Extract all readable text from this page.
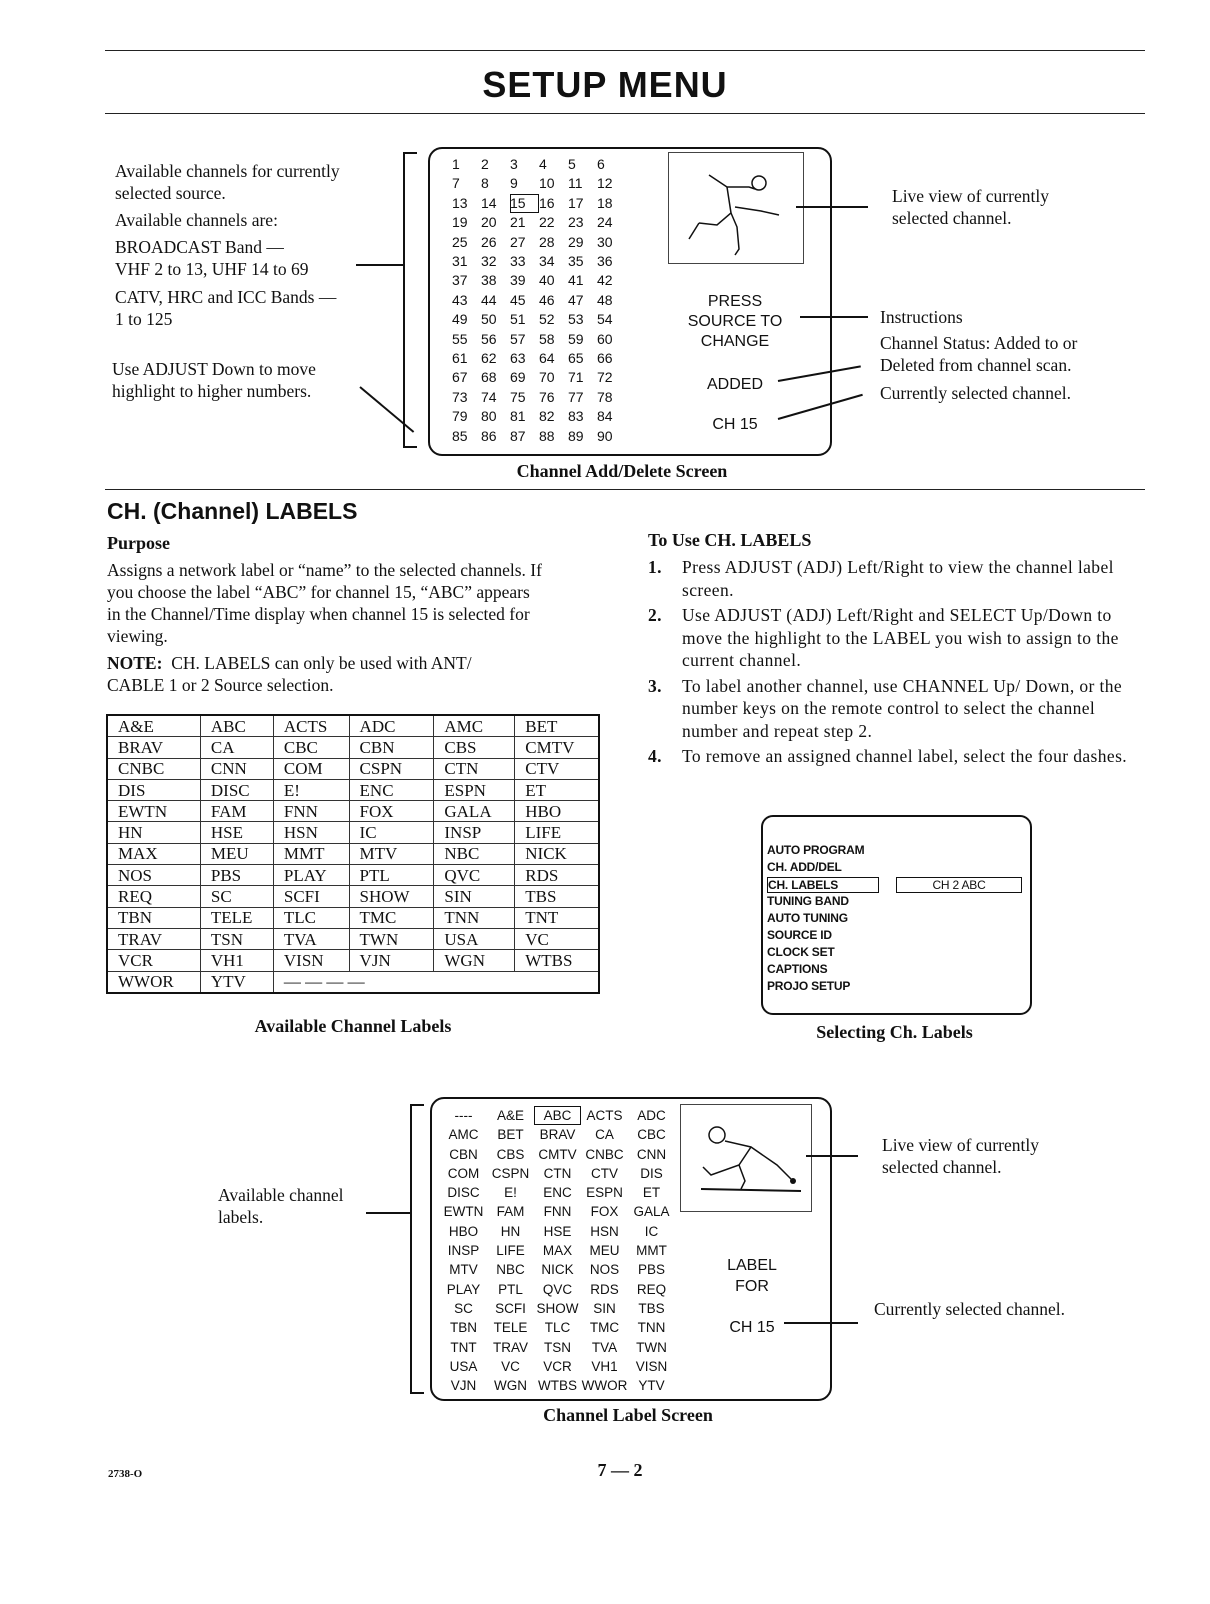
SETUP MENU

Available channels for currently

selected source.

Available channels are:

BROADCAST Band —

VHF 2 to 13, UHF 14 to 69

CATV, HRC and ICC Bands —

1 to 125

Use ADJUST Down to move

highlight to higher numbers.

1	2	3	4	5	6
7	8	9	10 11	12
13 14 15 16 17 18
19 20 21 22 23 24
25 26 27 28 29 30
31 32 33 34 35 36
37 38 39 40 41 42
43 44 45 46 47 48
49 50 51 52 53 54
55 56 57 58 59 60
61 62 63 64 65 66
67 68 69 70 71 72
73 74 75 76 77 78
79 80 81 82 83 84
85 86 87 88 89 90
PRESS
SOURCE TO
CHANGE
ADDED
CH 15

Live view of currently

selected channel.

Instructions

Channel Status: Added to or

Deleted from channel scan.

Currently selected channel.

Channel Add/Delete Screen
CH. (Channel) LABELS

Purpose

Assigns a network label or “name” to the selected channels. If

you choose the label “ABC” for channel 15, “ABC” appears

in the Channel/Time display when channel 15 is selected for

viewing.

NOTE: CH. LABELS can only be used with ANT/

CABLE 1 or 2 Source selection.

A&E	ABC	ACTS	ADC	AMC	BET
BRAV	CA	CBC	CBN	CBS	CMTV
CNBC	CNN	COM	CSPN	CTN	CTV
DIS	DISC	E!	ENC	ESPN	ET
EWTN	FAM	FNN	FOX	GALA	HBO
HN	HSE	HSN	IC	INSP	LIFE
MAX	MEU	MMT	MTV	NBC	NICK
NOS	PBS	PLAY	PTL	QVC	RDS
REQ	SC	SCFI	SHOW	SIN	TBS
TBN	TELE	TLC	TMC	TNN	TNT
TRAV	TSN	TVA	TWN	USA	VC
VCR	VH1	VISN	VJN	WGN	WTBS
WWOR	YTV	— — — —			
Available Channel Labels

To Use CH. LABELS

1. Press ADJUST (ADJ) Left/Right to view the channel label screen.
2. Use ADJUST (ADJ) Left/Right and SELECT Up/Down to move the highlight to the LABEL you wish to assign to the current channel.
3. To label another channel, use CHANNEL Up/ Down, or the number keys on the remote control to select the channel number and repeat step 2.
4. To remove an assigned channel label, select the four dashes.
AUTO PROGRAM
CH. ADD/DEL
CH. LABELS
TUNING BAND
AUTO TUNING
SOURCE ID
CLOCK SET
CAPTIONS
PROJO SETUP
CH 2 ABC
Selecting Ch. Labels

Available channel

labels.

----	A&E	ABC	ACTS	ADC
AMC	BET	BRAV	CA	CBC
CBN	CBS	CMTV CNBC CNN
COM CSPN	CTN	CTV	DIS
DISC	E!	ENC	ESPN	ET
EWTN FAM	FNN	FOX	GALA
HBO	HN	HSE	HSN	IC
INSP	LIFE	MAX	MEU	MMT
MTV	NBC	NICK	NOS	PBS
PLAY	PTL	QVC	RDS	REQ
SC	SCFI SHOW	SIN	TBS
TBN	TELE	TLC	TMC	TNN
TNT	TRAV	TSN	TVA	TWN
USA	VC	VCR	VH1	VISN
VJN	WGN WTBS WWOR YTV
LABEL
FOR
CH 15

Live view of currently

selected channel.

Currently selected channel.

Channel Label Screen
2738-O	7 — 2
